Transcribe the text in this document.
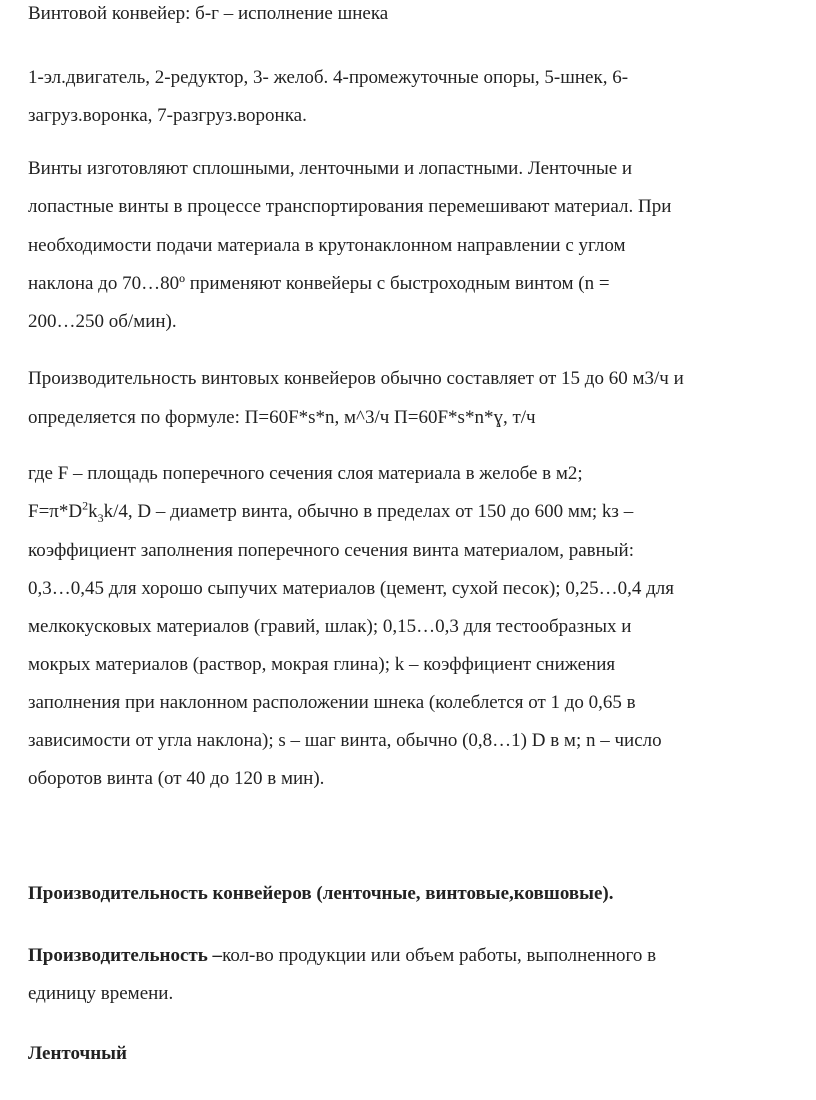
Винтовой конвейер: б-г – исполнение шнека
1-эл.двигатель, 2-редуктор, 3- желоб. 4-промежуточные опоры, 5-шнек, 6-
загруз.воронка, 7-разгруз.воронка.
Винты изготовляют сплошными, ленточными и лопастными. Ленточные и
лопастные винты в процессе транспортирования перемешивают материал. При
необходимости подачи материала в крутонаклонном направлении с углом
наклона до 70…80º применяют конвейеры с быстроходным винтом (n =
200…250 об/мин).
Производительность винтовых конвейеров обычно составляет от 15 до 60 м3/ч и
определяется по формуле: П=60F*s*n, м^3/ч П=60F*s*n*ɣ, т/ч
где F – площадь поперечного сечения слоя материала в желобе в м2;
$F=\pi*D^2k_3k/4$, D – диаметр винта, обычно в пределах от 150 до 600 мм; kз –
коэффициент заполнения поперечного сечения винта материалом, равный:
0,3…0,45 для хорошо сыпучих материалов (цемент, сухой песок); 0,25…0,4 для
мелкокусковых материалов (гравий, шлак); 0,15…0,3 для тестообразных и
мокрых материалов (раствор, мокрая глина); k – коэффициент снижения
заполнения при наклонном расположении шнека (колеблется от 1 до 0,65 в
зависимости от угла наклона); s – шаг винта, обычно (0,8…1) D в м; n – число
оборотов винта (от 40 до 120 в мин).
Производительность конвейеров (ленточные, винтовые,ковшовые).
Производительность –кол-во продукции или объем работы, выполненного в
единицу времени.
Ленточный
